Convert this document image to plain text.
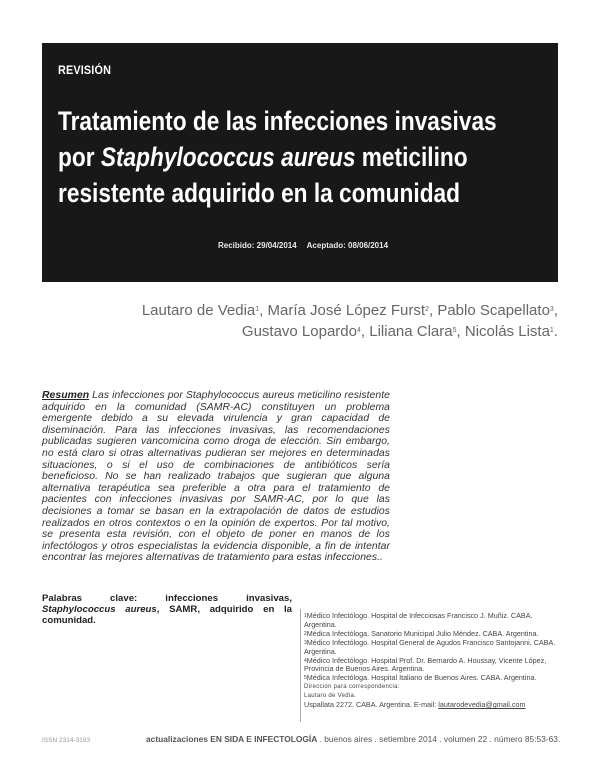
REVISIÓN
Tratamiento de las infecciones invasivas
por Staphylococcus aureus meticilino
resistente adquirido en la comunidad
Recibido: 29/04/2014 Aceptado: 08/06/2014
Lautaro de Vedia$^1$, María José López Furst$^2$, Pablo Scapellato$^3$,
Gustavo Lopardo$^4$, Liliana Clara$^5$, Nicolás Lista$^1$.
Resumen Las infecciones por Staphylococcus aureus meticilino resistente adquirido en la comunidad (SAMR-AC) constituyen un problema emergente debido a su elevada virulencia y gran capacidad de diseminación. Para las infecciones invasivas, las recomendaciones publicadas sugieren vancomicina como droga de elección. Sin embargo, no está claro si otras alternativas pudieran ser mejores en determinadas situaciones, o si el uso de combinaciones de antibióticos sería beneficioso. No se han realizado trabajos que sugieran que alguna alternativa terapéutica sea preferible a otra para el tratamiento de pacientes con infecciones invasivas por SAMR-AC, por lo que las decisiones a tomar se basan en la extrapolación de datos de estudios realizados en otros contextos o en la opinión de expertos. Por tal motivo, se presenta esta revisión, con el objeto de poner en manos de los infectólogos y otros especialistas la evidencia disponible, a fin de intentar encontrar las mejores alternativas de tratamiento para estas infecciones..
Palabras clave: infecciones invasivas, Staphylococcus aureus, SAMR, adquirido en la comunidad.	$^1$Médico Infectólogo. Hospital de Infecciosas Francisco J. Muñiz. CABA. Argentina.
$^2$Médica Infectóloga. Sanatorio Municipal Julio Méndez. CABA. Argentina.
$^3$Médico Infectólogo. Hospital General de Agudos Francisco Santojanni. CABA. Argentina.
$^4$Médico Infectólogo. Hospital Prof. Dr. Bernardo A. Houssay, Vicente López, Provincia de Buenos Aires. Argentina.
$^5$Médica Infectóloga. Hospital Italiano de Buenos Aires. CABA. Argentina.
Dirección para correspondencia:
Lautaro de Vedia.
Uspallata 2272. CABA. Argentina. E-mail: lautarodevedia@gmail.com
ISSN 2314-3193	actualizaciones EN SIDA E INFECTOLOGÍA . buenos aires . setiembre 2014 . volumen 22 . número 85:53-63.
